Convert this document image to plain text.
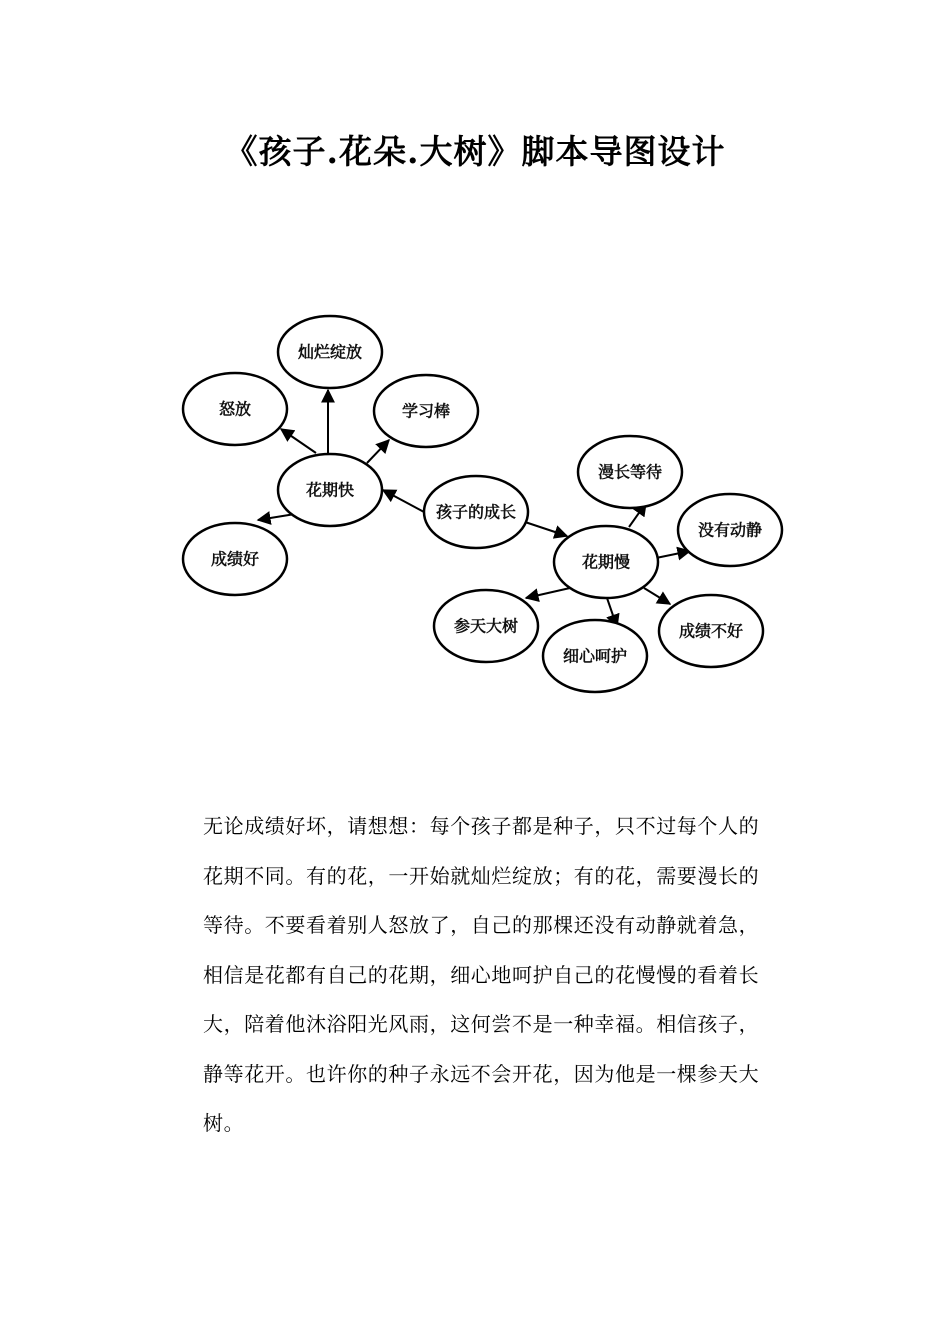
《孩子.花朵.大树》脚本导图设计
孩子的成长
花期快
灿烂绽放
怒放	学习棒
成绩好	花期慢
漫长等待
没有动静
成绩不好
细心呵护
参天大树

无论成绩好坏，请想想：每个孩子都是种子，只不过每个人的
花期不同。有的花，一开始就灿烂绽放；有的花，需要漫长的
等待。不要看着别人怒放了，自己的那棵还没有动静就着急，
相信是花都有自己的花期，细心地呵护自己的花慢慢的看着长
大，陪着他沐浴阳光风雨，这何尝不是一种幸福。相信孩子，
静等花开。也许你的种子永远不会开花，因为他是一棵参天大
树。
